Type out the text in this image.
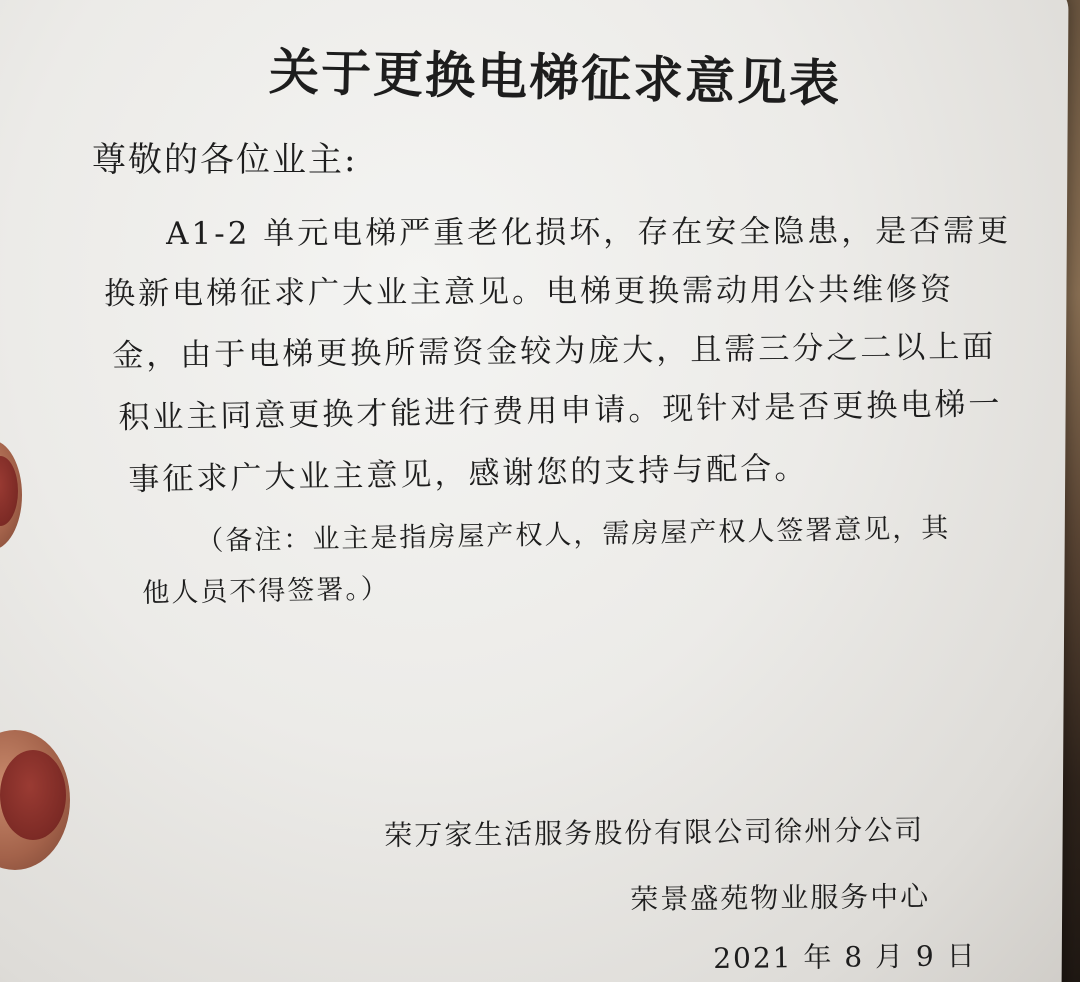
关于更换电梯征求意见表
尊敬的各位业主:
A1-2 单元电梯严重老化损坏，存在安全隐患，是否需更
换新电梯征求广大业主意见。电梯更换需动用公共维修资
金，由于电梯更换所需资金较为庞大，且需三分之二以上面
积业主同意更换才能进行费用申请。现针对是否更换电梯一
事征求广大业主意见，感谢您的支持与配合。
（备注：业主是指房屋产权人，需房屋产权人签署意见，其
他人员不得签署。）
荣万家生活服务股份有限公司徐州分公司
荣景盛苑物业服务中心
2021 年 8 月 9 日
